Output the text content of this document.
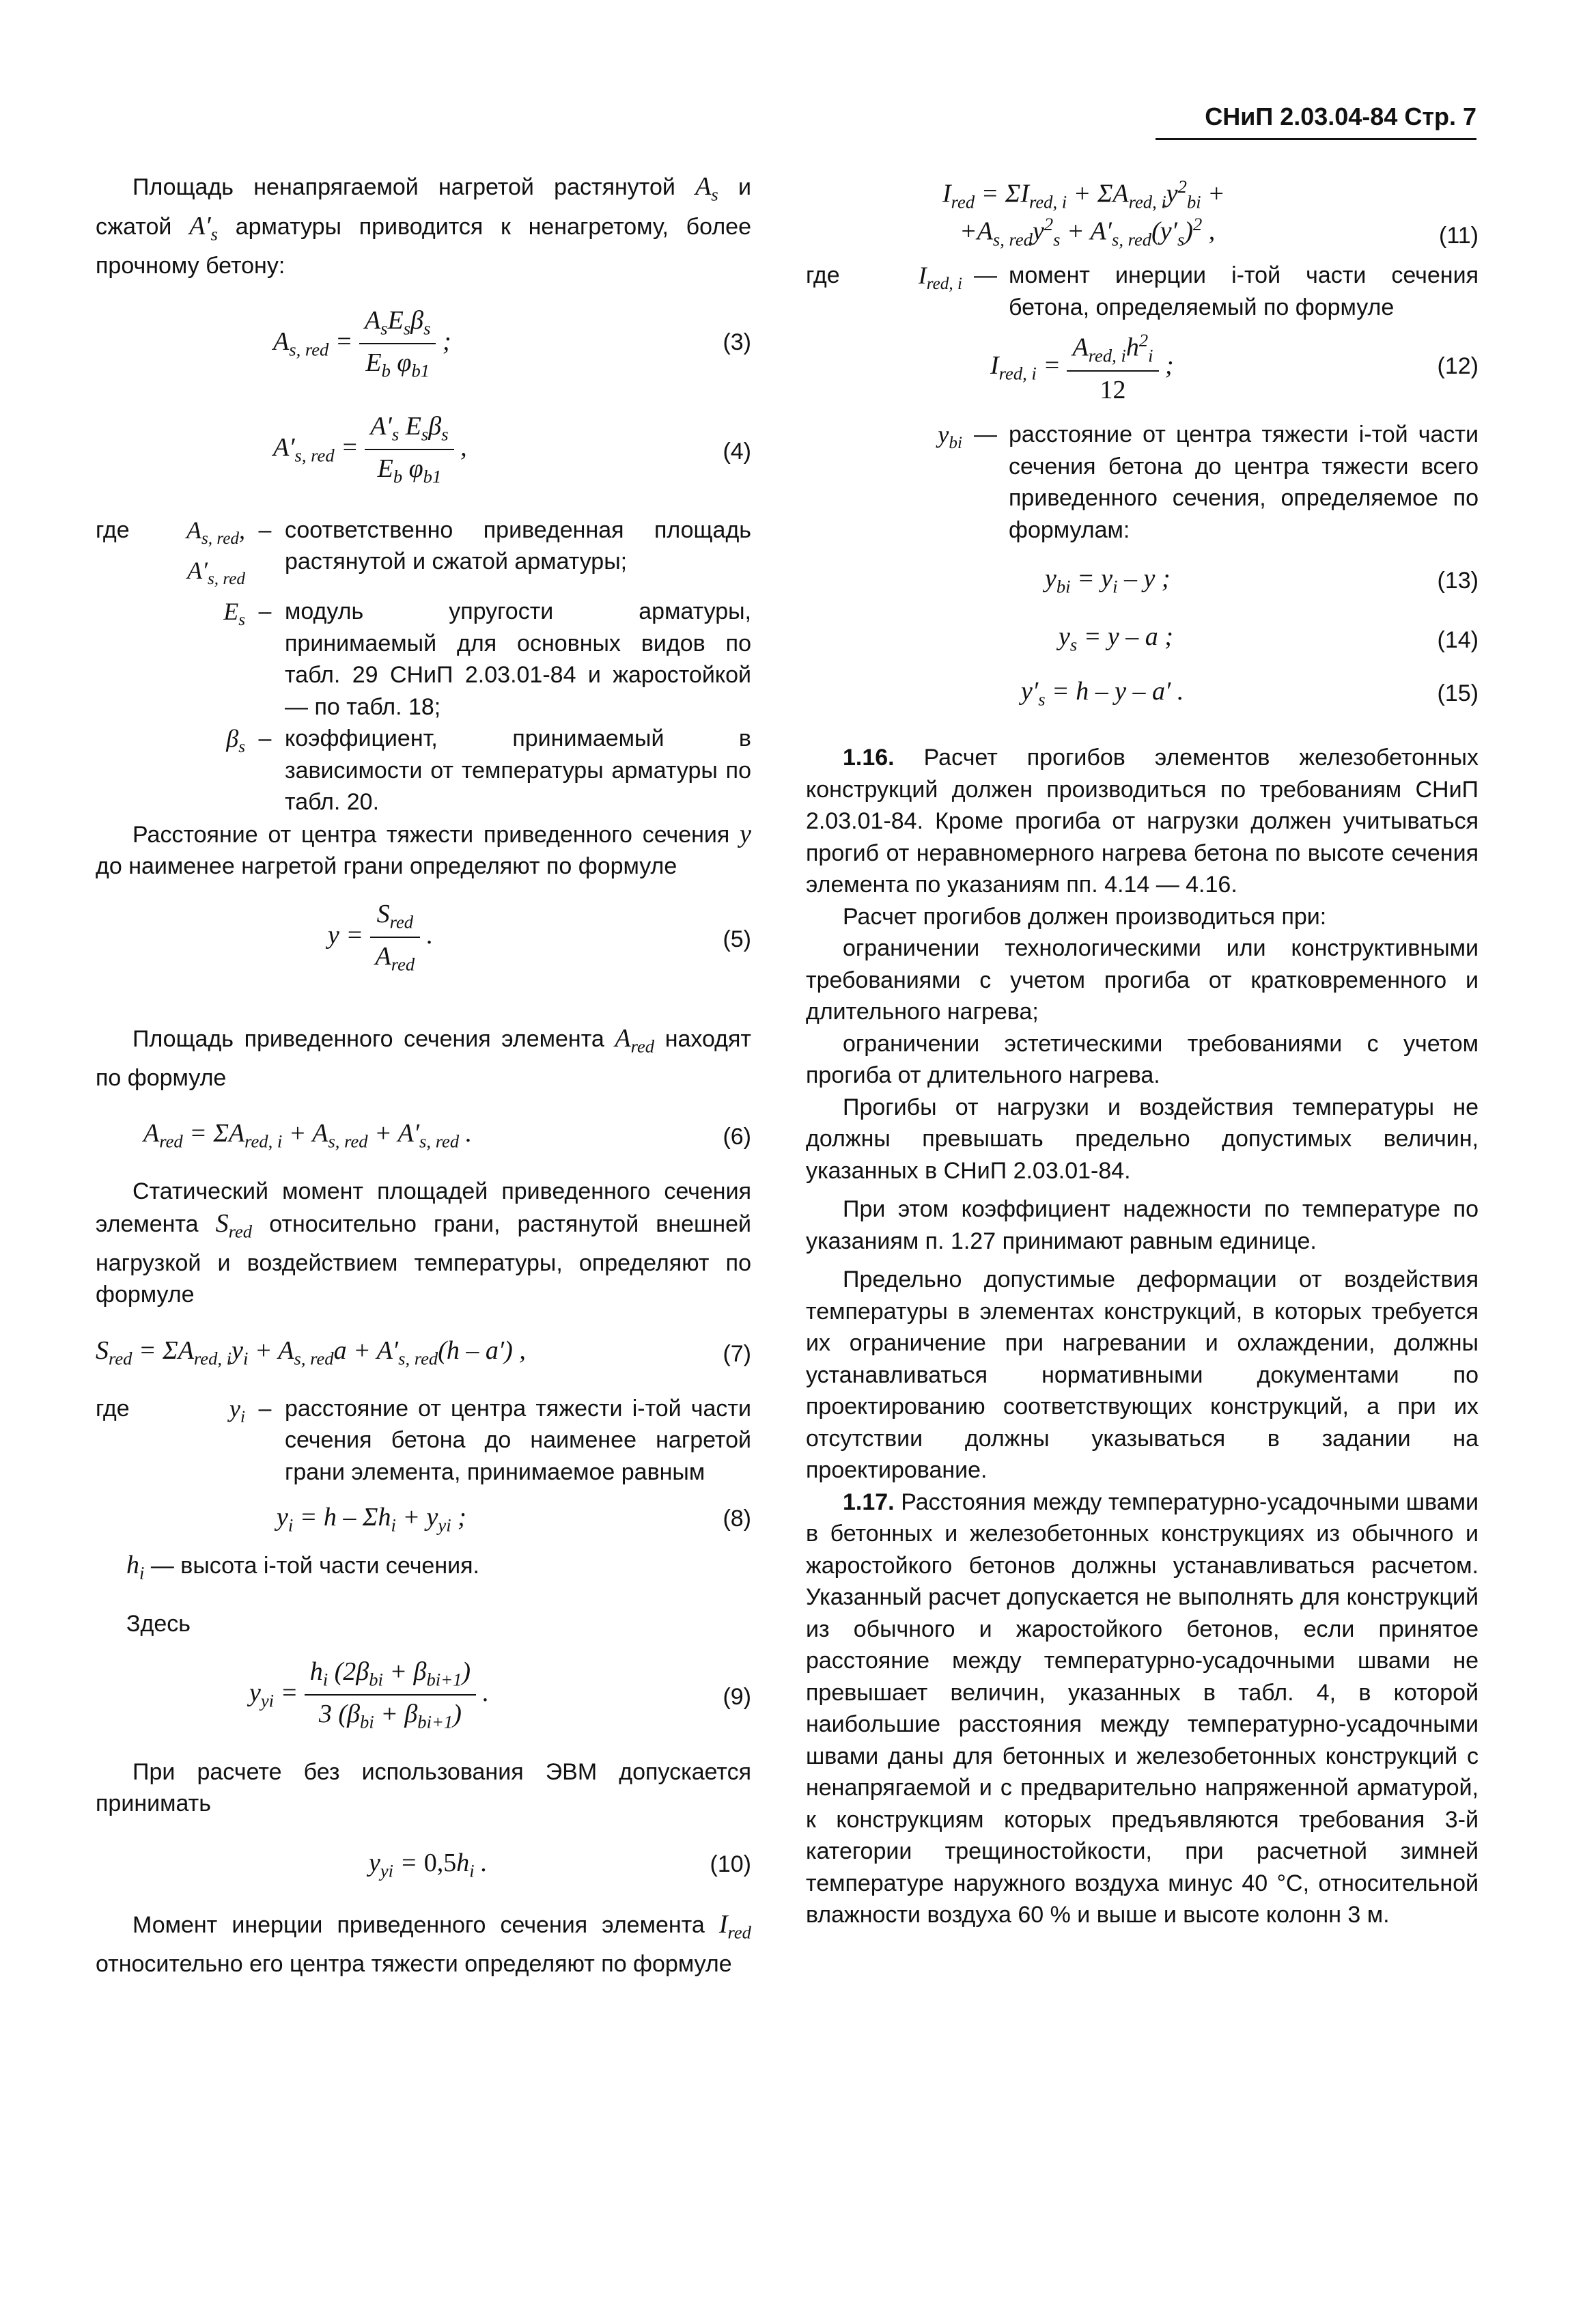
СНиП 2.03.04-84 Стр. 7

Площадь ненапрягаемой нагретой растянутой $A_s$ и сжатой $A'_s$ арматуры приводится к ненагретому, более прочному бетону:

$A_{s, red} = \frac{A_sE_s\beta_s}{E_b \varphi_{b1}}$ ;	(3)
$A'_{s, red} = \frac{A'_s E_s\beta_s}{E_b \varphi_{b1}}$ ,	(4)
где	$A_{s, red}$,
$A'_{s, red}$
– соответственно приведенная площадь растянутой и сжатой арматуры;
$E_s$ – модуль упругости арматуры, принимаемый для основных видов по табл. 29 СНиП 2.03.01-84 и жаростойкой — по табл. 18;
$\beta_s$ – коэффициент, принимаемый в зависимости от температуры арматуры по табл. 20.

Расстояние от центра тяжести приведенного сечения y до наименее нагретой грани определяют по формуле

$y = \frac{S_{red}}{A_{red}}$ .	(5)

Площадь приведенного сечения элемента $A_{red}$ находят по формуле

$A_{red} = \Sigma A_{red, i} + A_{s, red} + A'_{s, red}$ .	(6)

Статический момент площадей приведенного сечения элемента $S_{red}$ относительно грани, растянутой внешней нагрузкой и воздействием температуры, определяют по формуле

$S_{red} = \Sigma A_{red, i}y_i + A_{s, red}a + A'_{s, red}(h - a')$ ,	(7)
где	$y_i$ – расстояние от центра тяжести i-той части сечения бетона до наименее нагретой грани элемента, принимаемое равным
$y_i = h - \Sigma h_i + y_{yi}$ ;	(8)

$h_i$ — высота i-той части сечения.

Здесь

$y_{yi} = \frac{h_i (2\beta_{bi} + \beta_{bi+1})}{3 (\beta_{bi} + \beta_{bi+1})}$ .	(9)

При расчете без использования ЭВМ допускается принимать

$y_{yi} = 0,5h_i$ .	(10)

Момент инерции приведенного сечения элемента $I_{red}$ относительно его центра тяжести определяют по формуле

$I_{red} = \Sigma I_{red, i} + \Sigma A_{red, i}y^2_{bi}$ +
$+A_{s, red}y^2_s + A'_{s, red}(y'_s)^2$ ,	(11)
где	$I_{red, i}$ — момент инерции i-той части сечения бетона, определяемый по формуле
$I_{red, i} = \frac{A_{red, i}h^2_i}{12}$ ;	(12)
$y_{bi}$ — расстояние от центра тяжести i-той части сечения бетона до центра тяжести всего приведенного сечения, определяемое по формулам:
$y_{bi} = y_i - y$ ;	(13)
$y_s = y - a$ ;	(14)
$y'_s = h - y - a'$ .	(15)

1.16. Расчет прогибов элементов железобетонных конструкций должен производиться по требованиям СНиП 2.03.01-84. Кроме прогиба от нагрузки должен учитываться прогиб от неравномерного нагрева бетона по высоте сечения элемента по указаниям пп. 4.14 — 4.16.

Расчет прогибов должен производиться при:

ограничении технологическими или конструктивными требованиями с учетом прогиба от кратковременного и длительного нагрева;

ограничении эстетическими требованиями с учетом прогиба от длительного нагрева.

Прогибы от нагрузки и воздействия температуры не должны превышать предельно допустимых величин, указанных в СНиП 2.03.01-84.

При этом коэффициент надежности по температуре по указаниям п. 1.27 принимают равным единице.

Предельно допустимые деформации от воздействия температуры в элементах конструкций, в которых требуется их ограничение при нагревании и охлаждении, должны устанавливаться нормативными документами по проектированию соответствующих конструкций, а при их отсутствии должны указываться в задании на проектирование.

1.17. Расстояния между температурно-усадочными швами в бетонных и железобетонных конструкциях из обычного и жаростойкого бетонов должны устанавливаться расчетом. Указанный расчет допускается не выполнять для конструкций из обычного и жаростойкого бетонов, если принятое расстояние между температурно-усадочными швами не превышает величин, указанных в табл. 4, в которой наибольшие расстояния между температурно-усадочными швами даны для бетонных и железобетонных конструкций с ненапрягаемой и с предварительно напряженной арматурой, к конструкциям которых предъявляются требования 3-й категории трещиностойкости, при расчетной зимней температуре наружного воздуха минус 40 °С, относительной влажности воздуха 60 % и выше и высоте колонн 3 м.
